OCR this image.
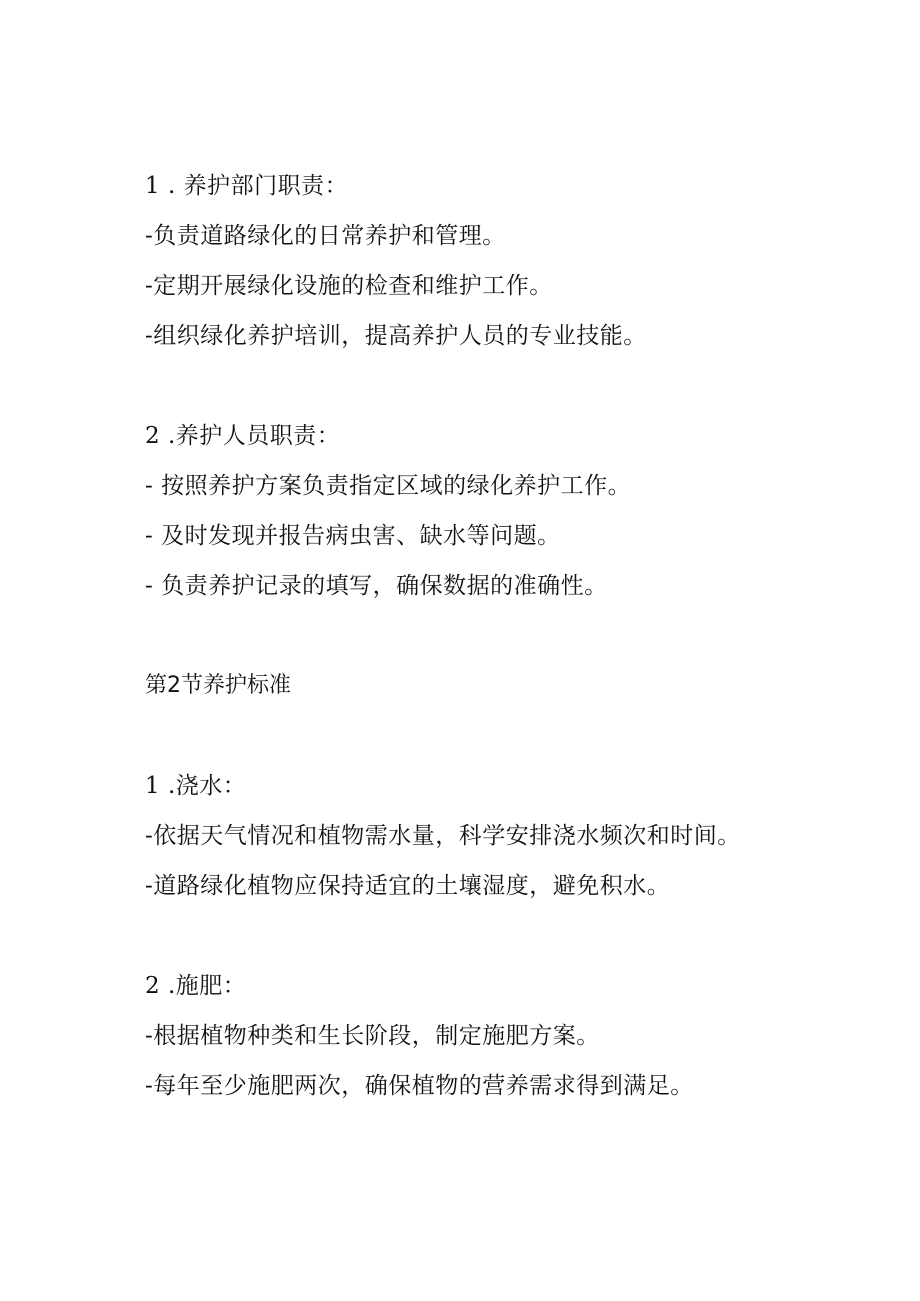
1 . 养护部门职责：
-负责道路绿化的日常养护和管理。
-定期开展绿化设施的检查和维护工作。
-组织绿化养护培训，提高养护人员的专业技能。
2 .养护人员职责：
- 按照养护方案负责指定区域的绿化养护工作。
- 及时发现并报告病虫害、缺水等问题。
- 负责养护记录的填写，确保数据的准确性。
第2节养护标准
1 .浇水：
-依据天气情况和植物需水量，科学安排浇水频次和时间。
-道路绿化植物应保持适宜的土壤湿度，避免积水。
2 .施肥：
-根据植物种类和生长阶段，制定施肥方案。
-每年至少施肥两次，确保植物的营养需求得到满足。
